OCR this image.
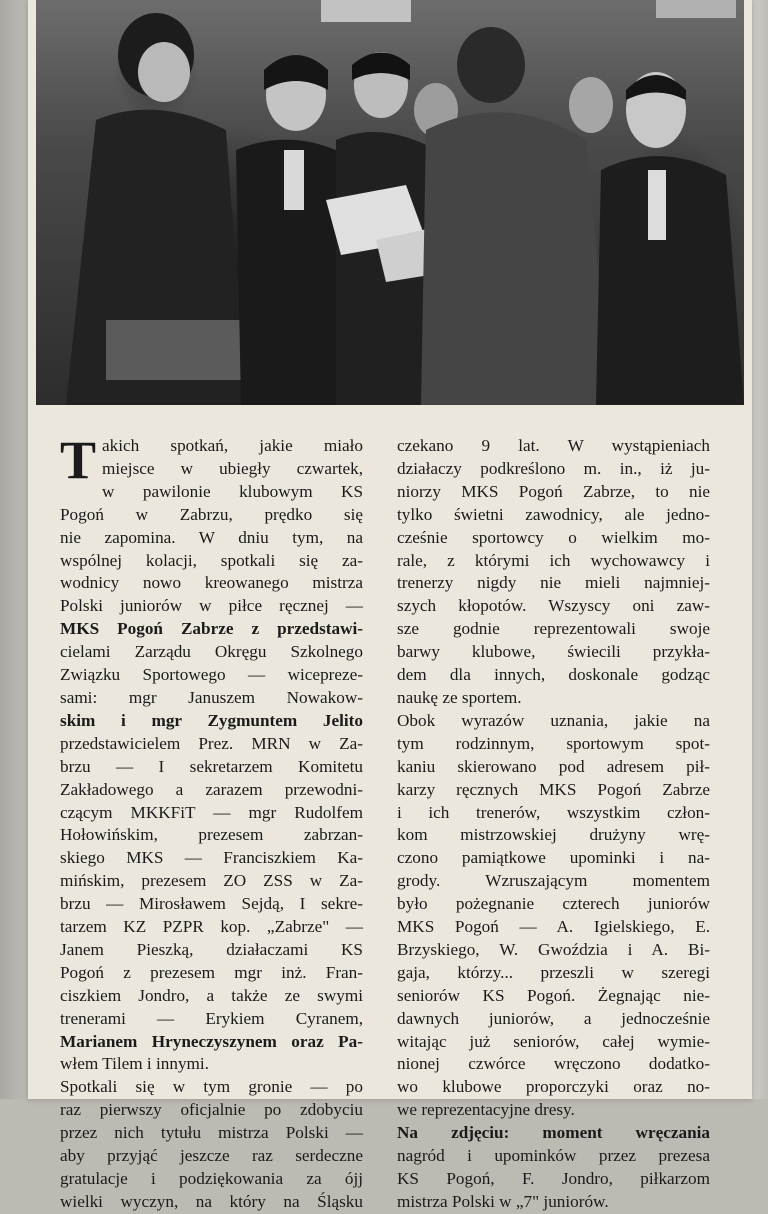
T akich spotkań, jakie miało
miejsce w ubiegły czwartek,
w pawilonie klubowym KS
Pogoń w Zabrzu, prędko się
nie zapomina. W dniu tym, na
wspólnej kolacji, spotkali się za-
wodnicy nowo kreowanego mistrza
Polski juniorów w piłce ręcznej —
MKS Pogoń Zabrze z przedstawi-
cielami Zarządu Okręgu Szkolnego
Związku Sportowego — wiceprezе-
sami: mgr Januszem Nowakow-
skim i mgr Zygmuntem Jelito
przedstawicielem Prez. MRN w Za-
brzu — I sekretarzem Komitetu
Zakładowego a zarazem przewodni-
czącym MKKFiT — mgr Rudolfem
Hołowińskim, prezesem zabrzan-
skiego MKS — Franciszkiem Ka-
mińskim, prezesem ZO ZSS w Za-
brzu — Mirosławem Sejdą, I sekre-
tarzem KZ PZPR kop. „Zabrze" —
Janem Pieszką, działaczami KS
Pogoń z prezesem mgr inż. Fran-
ciszkiem Jondro, a także ze swymi
trenerami — Erykiem Cyranem,
Marianem Hryneczyszynem oraz Pa-
włem Tilem i innymi.
Spotkali się w tym gronie — po
raz pierwszy oficjalnie po zdobyciu
przez nich tytułu mistrza Polski —
aby przyjąć jeszcze raz serdeczne
gratulacje i podziękowania za ójj
wielki wyczyn, na który na Śląsku
czekano 9 lat. W wystąpieniach
działaczy podkreślono m. in., iż ju-
niorzy MKS Pogoń Zabrze, to nie
tylko świetni zawodnicy, ale jedno-
cześnie sportowcy o wielkim mo-
rale, z którymi ich wychowawcy i
trenerzy nigdy nie mieli najmniej-
szych kłopotów. Wszyscy oni zaw-
sze godnie reprezentowali swoje
barwy klubowe, świecili przykła-
dem dla innych, doskonale godząc
naukę ze sportem.
Obok wyrazów uznania, jakie na
tym rodzinnym, sportowym spot-
kaniu skierowano pod adresem pił-
karzy ręcznych MKS Pogoń Zabrze
i ich trenerów, wszystkim człon-
kom mistrzowskiej drużyny wrę-
czono pamiątkowe upominki i na-
grody. Wzruszającym momentem
było pożegnanie czterech juniorów
MKS Pogoń — A. Igielskiego, E.
Brzyskiego, W. Gwoździa i A. Bi-
gaja, którzy... przeszli w szeregi
seniorów KS Pogoń. Żegnając nie-
dawnych juniorów, a jednocześnie
witając już seniorów, całej wymie-
nionej czwórce wręczono dodatko-
wo klubowe proporczyki oraz no-
we reprezentacyjne dresy.
Na zdjęciu: moment wręczania
nagród i upominków przez prezesa
KS Pogoń, F. Jondro, piłkarzom
mistrza Polski w „7" juniorów.
